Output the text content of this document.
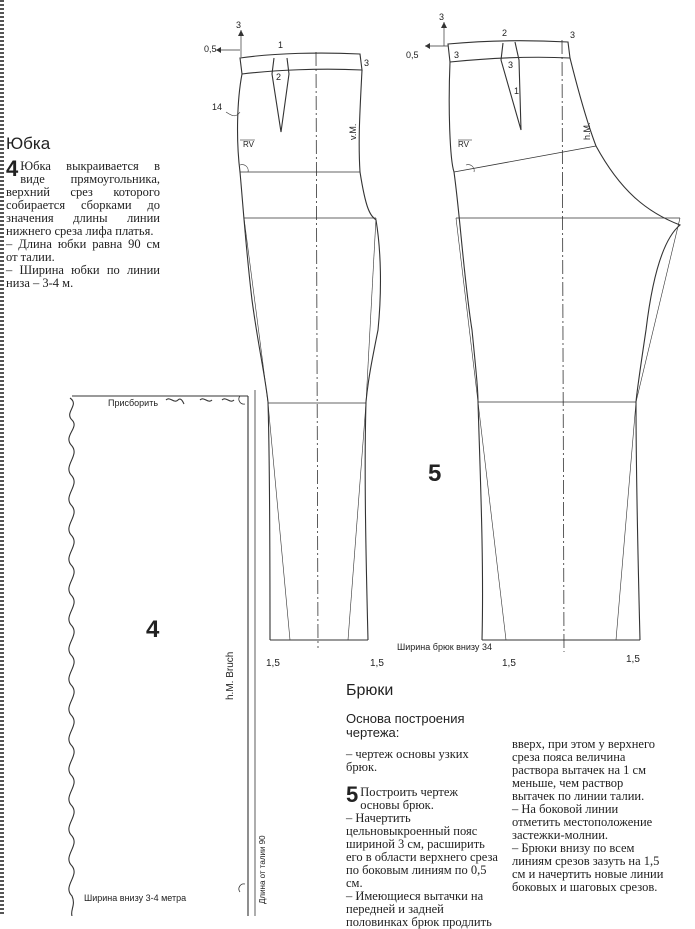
3
0,5	1
2
3
14
RV
v.M.
1,5	1,5
3
0,5	3
2
3
1
3
RV
h.M.
1,5	1,5
5
Ширина брюк внизу 34
Присборить
4
h.M. Bruch
Длина от талии 90
Ширина внизу 3-4 метра
Юбка
4 Юбка выкраивается в виде прямоугольника, верхний срез которого собирается сборками до значения длины линии нижнего среза лифа платья.
– Длина юбки равна 90 см от талии.
– Ширина юбки по линии низа – 3-4 м.
Брюки
Основа построения чертежа:
– чертеж основы узких брюк.
5 Построить чертеж основы брюк.
– Начертить цельновыкроенный пояс шириной 3 см, расширить его в области верхнего среза по боковым линиям по 0,5 см.
– Имеющиеся вытачки на передней и задней половинках брюк продлить
вверх, при этом у верхнего среза пояса величина раствора вытачек на 1 см меньше, чем раствор вытачек по линии талии.
– На боковой линии отметить местоположение застежки-молнии.
– Брюки внизу по всем линиям срезов зазуть на 1,5 см и начертить новые линии боковых и шаговых срезов.
